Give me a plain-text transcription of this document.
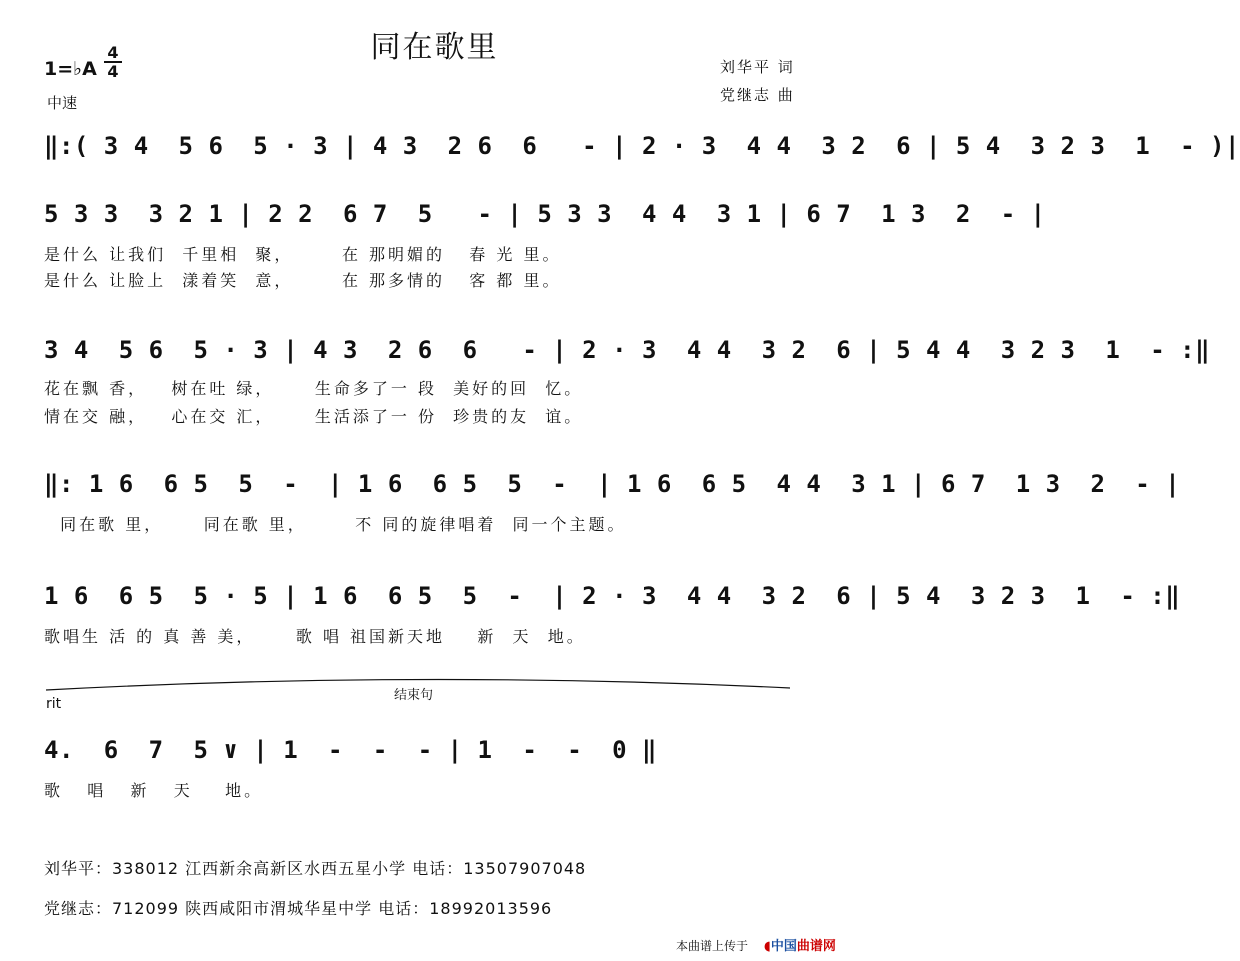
同在歌里
1=♭A
4
4
中速
刘华平 词
党继志 曲
‖:( 3 4  5 6  5 · 3 | 4 3  2 6  6   - | 2 · 3  4 4  3 2  6 | 5 4  3 2 3  1  - )|
5 3 3  3 2 1 | 2 2  6 7  5   - | 5 3 3  4 4  3 1 | 6 7  1 3  2  - |
是什么 让我们  千里相  聚，      在 那明媚的   春 光 里。
是什么 让脸上  漾着笑  意，      在 那多情的   客 都 里。
3 4  5 6  5 · 3 | 4 3  2 6  6   - | 2 · 3  4 4  3 2  6 | 5 4 4  3 2 3  1  - :‖
花在飘 香，   树在吐 绿，     生命多了一 段  美好的回  忆。
情在交 融，   心在交 汇，     生活添了一 份  珍贵的友  谊。
‖: 1 6  6 5  5  -  | 1 6  6 5  5  -  | 1 6  6 5  4 4  3 1 | 6 7  1 3  2  - |
同在歌 里，     同在歌 里，      不 同的旋律唱着  同一个主题。
1 6  6 5  5 · 5 | 1 6  6 5  5  -  | 2 · 3  4 4  3 2  6 | 5 4  3 2 3  1  - :‖
歌唱生 活 的 真 善 美，     歌 唱 祖国新天地    新  天  地。
rit
结束句
4.  6  7  5 ∨ | 1  -  -  - | 1  -  -  0 ‖
歌   唱   新   天    地。
刘华平：338012 江西新余高新区水西五星小学 电话：13507907048
党继志：712099 陕西咸阳市渭城华星中学 电话：18992013596
本曲谱上传于 ◖中国曲谱网
